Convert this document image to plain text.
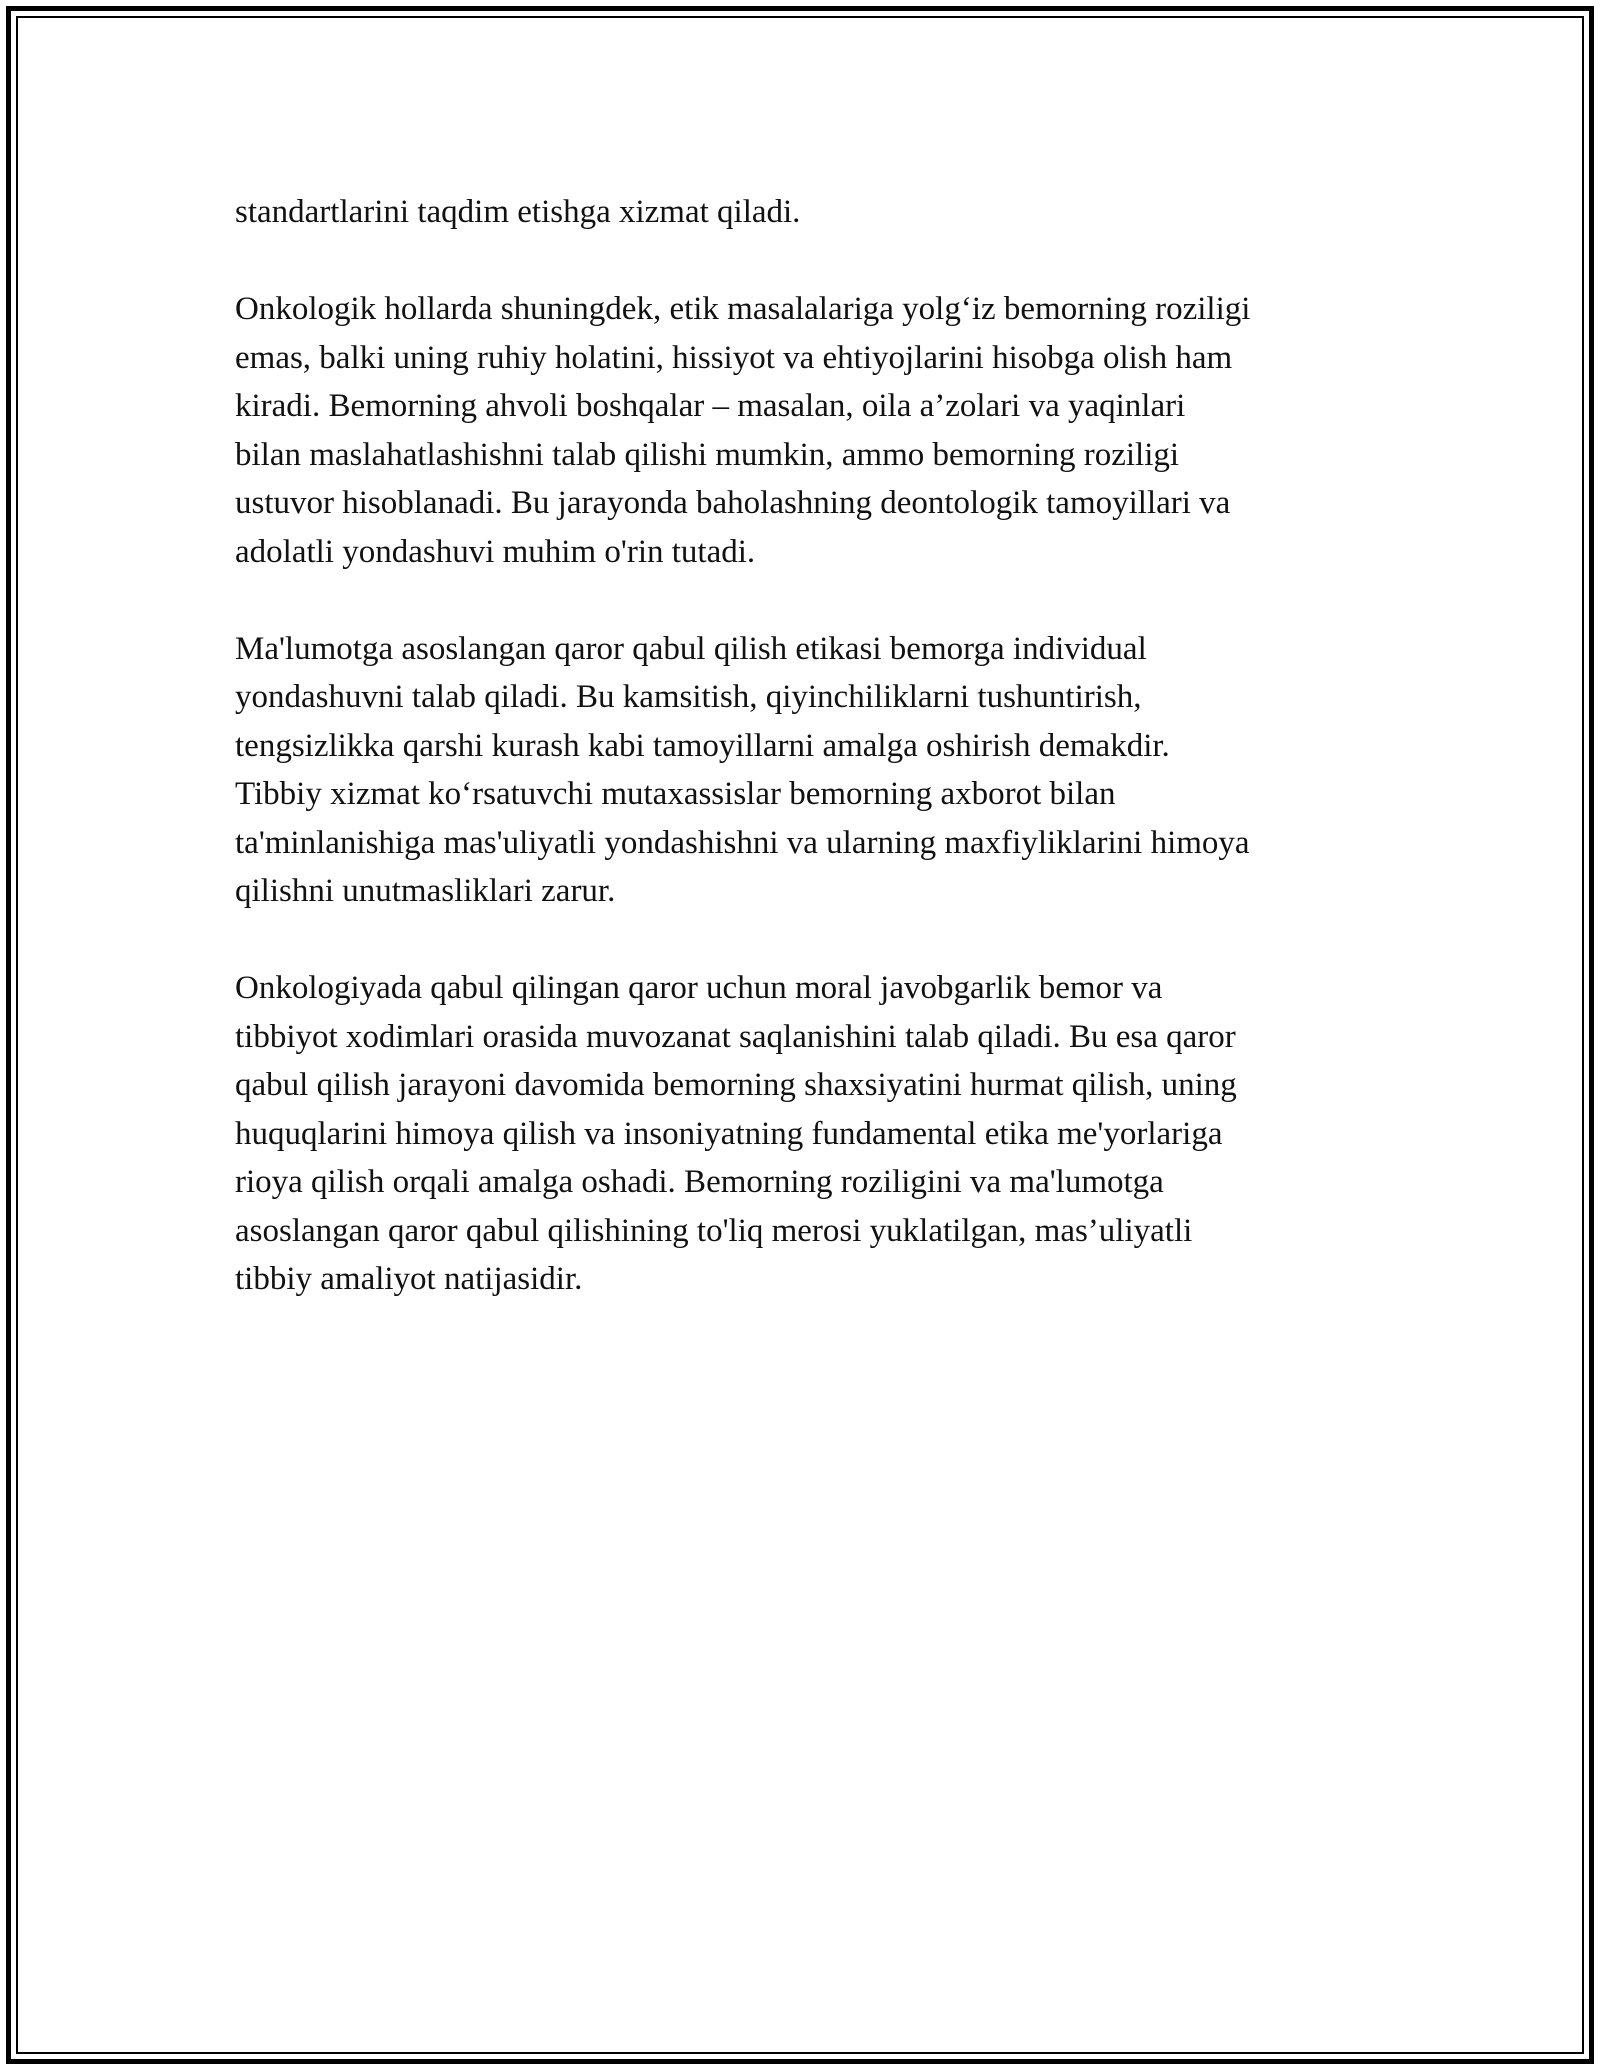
standartlarini taqdim etishga xizmat qiladi.

Onkologik hollarda shuningdek, etik masalalariga yolg‘iz bemorning roziligi
emas, balki uning ruhiy holatini, hissiyot va ehtiyojlarini hisobga olish ham
kiradi. Bemorning ahvoli boshqalar – masalan, oila a’zolari va yaqinlari
bilan maslahatlashishni talab qilishi mumkin, ammo bemorning roziligi
ustuvor hisoblanadi. Bu jarayonda baholashning deontologik tamoyillari va
adolatli yondashuvi muhim o'rin tutadi.

Ma'lumotga asoslangan qaror qabul qilish etikasi bemorga individual
yondashuvni talab qiladi. Bu kamsitish, qiyinchiliklarni tushuntirish,
tengsizlikka qarshi kurash kabi tamoyillarni amalga oshirish demakdir.
Tibbiy xizmat ko‘rsatuvchi mutaxassislar bemorning axborot bilan
ta'minlanishiga mas'uliyatli yondashishni va ularning maxfiyliklarini himoya
qilishni unutmasliklari zarur.

Onkologiyada qabul qilingan qaror uchun moral javobgarlik bemor va
tibbiyot xodimlari orasida muvozanat saqlanishini talab qiladi. Bu esa qaror
qabul qilish jarayoni davomida bemorning shaxsiyatini hurmat qilish, uning
huquqlarini himoya qilish va insoniyatning fundamental etika me'yorlariga
rioya qilish orqali amalga oshadi. Bemorning roziligini va ma'lumotga
asoslangan qaror qabul qilishining to'liq merosi yuklatilgan, mas’uliyatli
tibbiy amaliyot natijasidir.
